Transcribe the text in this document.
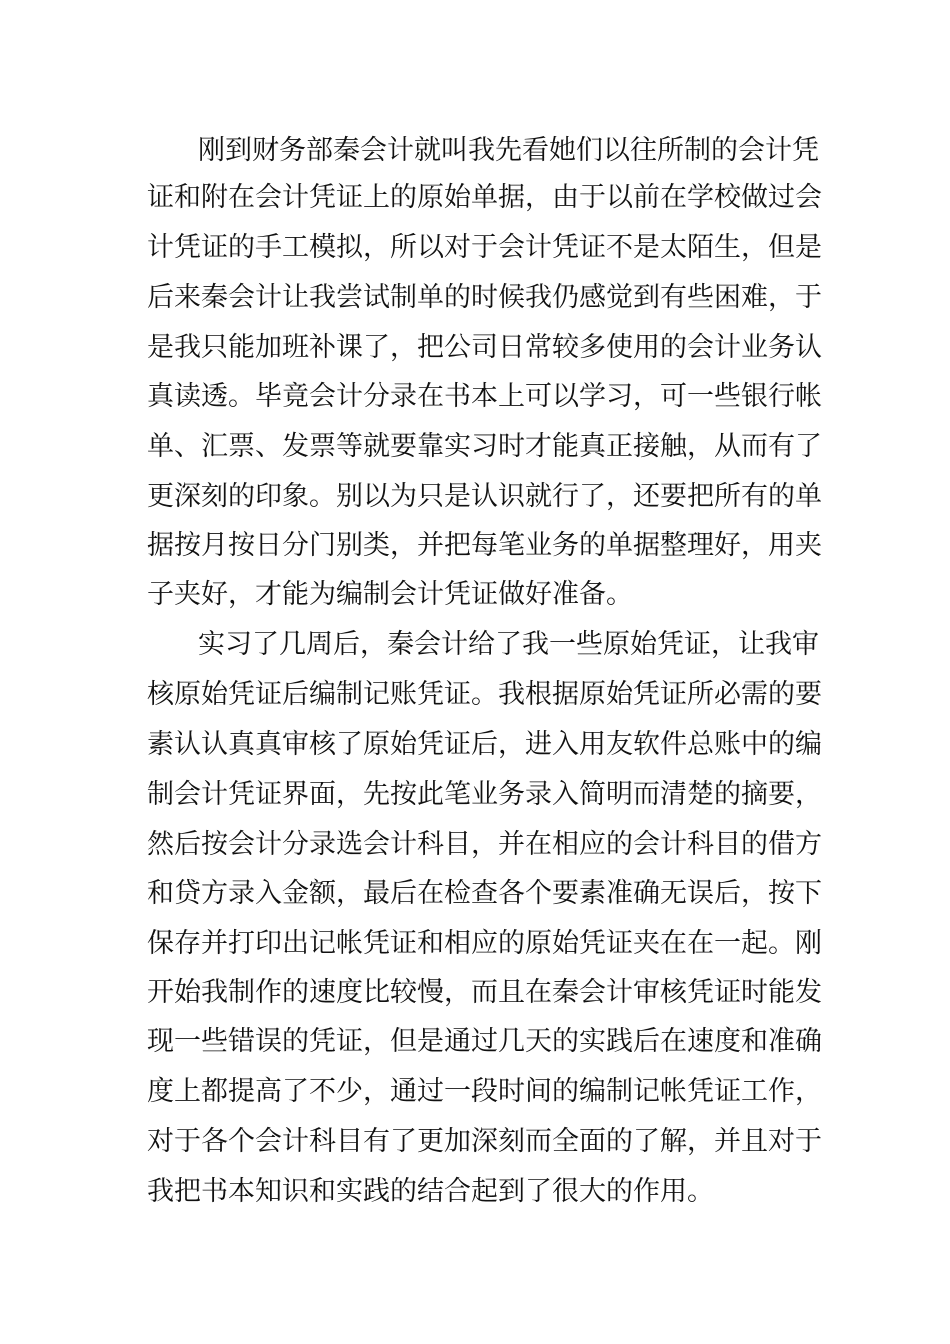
刚到财务部秦会计就叫我先看她们以往所制的会计凭
证和附在会计凭证上的原始单据，由于以前在学校做过会
计凭证的手工模拟，所以对于会计凭证不是太陌生，但是
后来秦会计让我尝试制单的时候我仍感觉到有些困难，于
是我只能加班补课了，把公司日常较多使用的会计业务认
真读透。毕竟会计分录在书本上可以学习，可一些银行帐
单、汇票、发票等就要靠实习时才能真正接触，从而有了
更深刻的印象。别以为只是认识就行了，还要把所有的单
据按月按日分门别类，并把每笔业务的单据整理好，用夹
子夹好，才能为编制会计凭证做好准备。
实习了几周后，秦会计给了我一些原始凭证，让我审
核原始凭证后编制记账凭证。我根据原始凭证所必需的要
素认认真真审核了原始凭证后，进入用友软件总账中的编
制会计凭证界面，先按此笔业务录入简明而清楚的摘要，
然后按会计分录选会计科目，并在相应的会计科目的借方
和贷方录入金额，最后在检查各个要素准确无误后，按下
保存并打印出记帐凭证和相应的原始凭证夹在在一起。刚
开始我制作的速度比较慢，而且在秦会计审核凭证时能发
现一些错误的凭证，但是通过几天的实践后在速度和准确
度上都提高了不少，通过一段时间的编制记帐凭证工作，
对于各个会计科目有了更加深刻而全面的了解，并且对于
我把书本知识和实践的结合起到了很大的作用。
